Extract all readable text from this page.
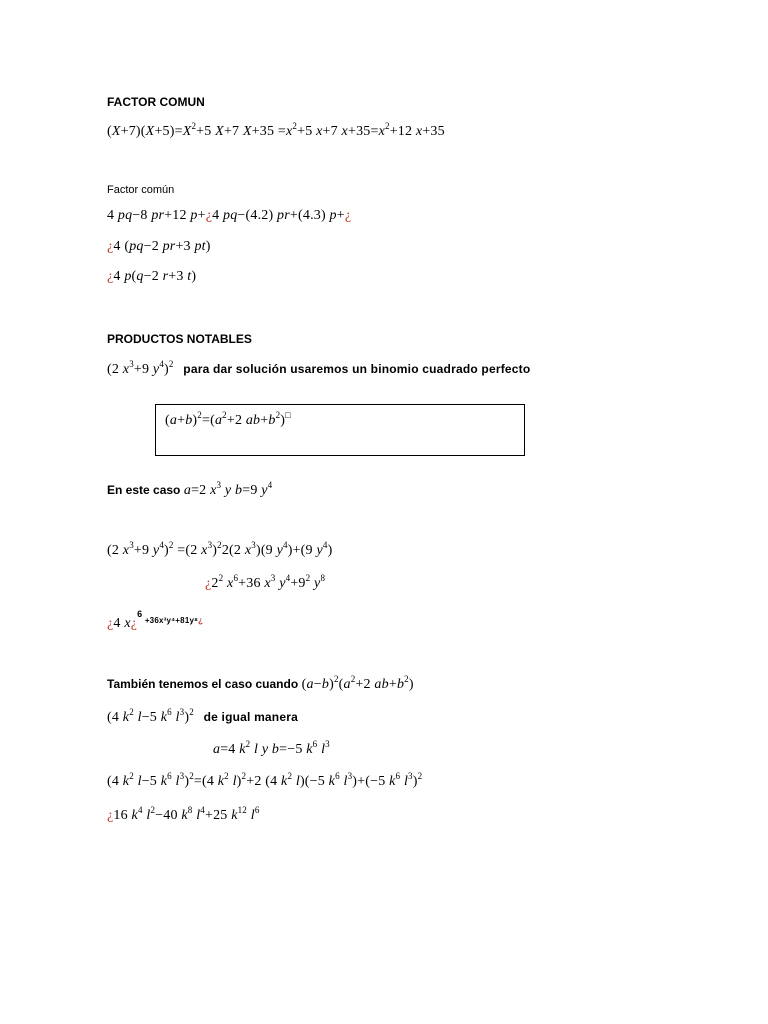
FACTOR COMUN
$(X+7)(X+5)=X^2+5$ X+7 $X+35 =x^2+5$ x+7 $x+35=x^2+12$ x+35
Factor común
4 pq−8 pr+12 p+¿4 pq−(4.2) pr+(4.3) p+¿
¿4 (pq−2 pr+3 pt)
¿4 p(q−2 r+3 t)
PRODUCTOS NOTABLES
(2 $x^3+9$ $y^4)^2$ para dar solución usaremos un binomio cuadrado perfecto
$(a+b)^2=(a^2+2$ $ab+b^2)^□$
En este caso a=2 $x^3$ y b=9 $y^4$
(2 $x^3+9$ $y^4)^2 =(2$ $x^3)^22(2$ $x^3)(9$ $y^4)+(9$ $y^4$)
¿$2^2$ $x^6+36$ $x^3$ $y^4+9^2$ $y^8$
¿4 x¿$^{^6 +36x^3y^4+81y^8¿}$
También tenemos el caso cuando $(a-b)^2(a^2+2$ $ab+b^2$)
(4 $k^2$ l−5 $k^6$ $l^3)^2$ de igual manera
a=4 $k^2$ l y b=−5 $k^6$ $l^3$
(4 $k^2$ l−5 $k^6$ $l^3)^2=(4$ $k^2$ l)$^2$+2 (4 $k^2$ l)(−5 $k^6$ $l^3)+(-5$ $k^6$ $l^3)^2$
¿16 $k^4$ $l^2-40$ $k^8$ $l^4+25$ $k^{12}$ $l^6$
